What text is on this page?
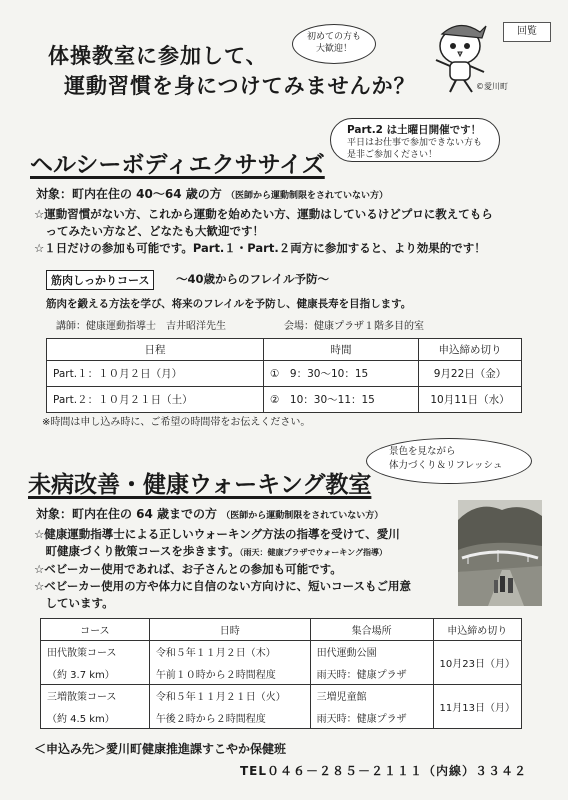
回覧
体操教室に参加して、
運動習慣を身につけてみませんか？
初めての方も
大歓迎！
©愛川町
Part.2 は土曜日開催です！
平日はお仕事で参加できない方も
是非ご参加ください！
ヘルシーボディエクササイズ
対象：町内在住の 40～64 歳の方 （医師から運動制限をされていない方）
☆運動習慣がない方、これから運動を始めたい方、運動はしているけどプロに教えてもら
　ってみたい方など、どなたも大歓迎です！
☆１日だけの参加も可能です。Part.１・Part.２両方に参加すると、より効果的です！
筋肉しっかりコース	～40歳からのフレイル予防～
筋肉を鍛える方法を学び、将来のフレイルを予防し、健康長寿を目指します。
講師：健康運動指導士　吉井昭洋先生	会場：健康プラザ１階多目的室
日程	時間	申込締め切り
Part.１：１０月２日（月）	①　9：30～10：15	9月22日（金）
Part.２：１０月２１日（土）	②　10：30～11：15	10月11日（水）
※時間は申し込み時に、ご希望の時間帯をお伝えください。
景色を見ながら
体力づくり＆リフレッシュ
未病改善・健康ウォーキング教室
対象：町内在住の 64 歳までの方 （医師から運動制限をされていない方）
☆健康運動指導士による正しいウォーキング方法の指導を受けて、愛川
　町健康づくり散策コースを歩きます。（雨天：健康プラザでウォーキング指導）
☆ベビーカー使用であれば、お子さんとの参加も可能です。
☆ベビーカー使用の方や体力に自信のない方向けに、短いコースもご用意
　しています。
コース	日時	集合場所	申込締め切り
田代散策コース	令和５年１１月２日（木）	田代運動公園	10月23日（月）
（約 3.7 km）	午前１０時から２時間程度	雨天時：健康プラザ	
三増散策コース	令和５年１１月２１日（火）	三増児童館	11月13日（月）
（約 4.5 km）	午後２時から２時間程度	雨天時：健康プラザ	
＜申込み先＞愛川町健康推進課すこやか保健班
TEL０４６－２８５－２１１１（内線）３３４２
